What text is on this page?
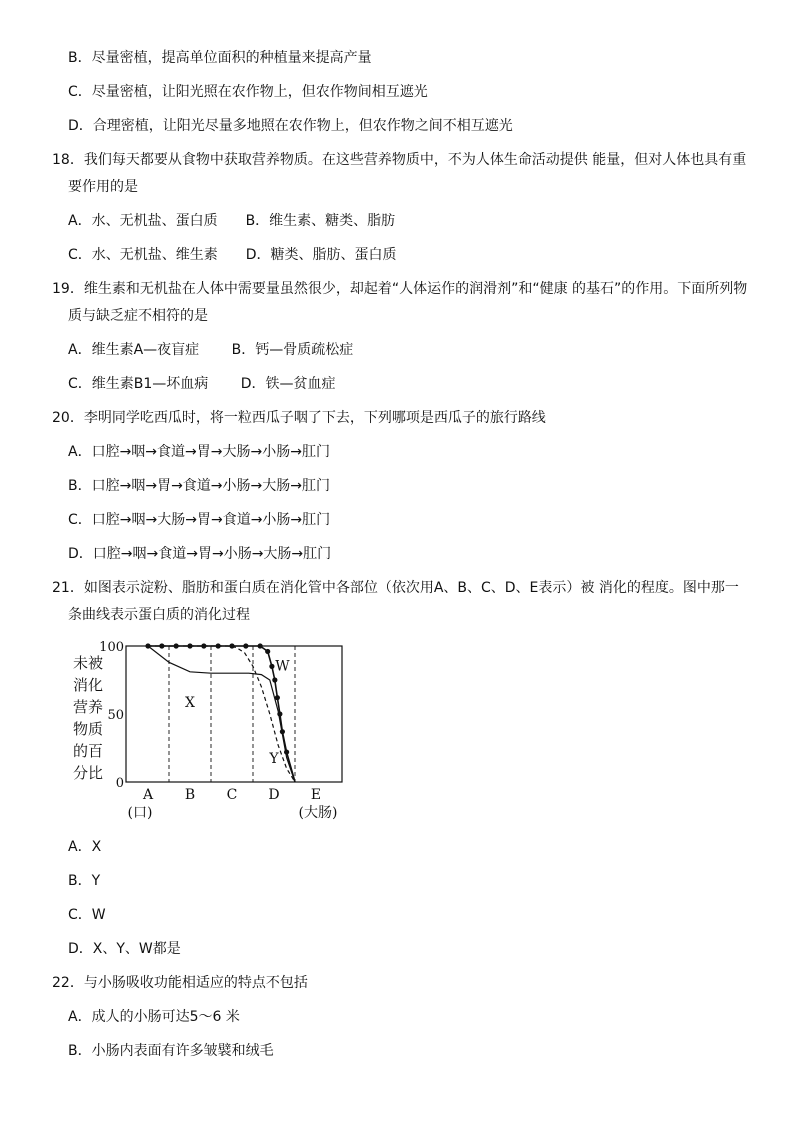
B．尽量密植，提高单位面积的种植量来提高产量
C．尽量密植，让阳光照在农作物上，但农作物间相互遮光
D．合理密植，让阳光尽量多地照在农作物上，但农作物之间不相互遮光
18．我们每天都要从食物中获取营养物质。在这些营养物质中，不为人体生命活动提供 能量，但对人体也具有重
要作用的是
A．水、无机盐、蛋白质　　B．维生素、糖类、脂肪
C．水、无机盐、维生素　　D．糖类、脂肪、蛋白质
19．维生素和无机盐在人体中需要量虽然很少，却起着“人体运作的润滑剂”和“健康 的基石”的作用。下面所列物
质与缺乏症不相符的是
A．维生素A—夜盲症　　 B．钙—骨质疏松症
C．维生素B1—坏血病　　 D．铁—贫血症
20．李明同学吃西瓜时，将一粒西瓜子咽了下去，下列哪项是西瓜子的旅行路线
A．口腔→咽→食道→胃→大肠→小肠→肛门
B．口腔→咽→胃→食道→小肠→大肠→肛门
C．口腔→咽→大肠→胃→食道→小肠→肛门
D．口腔→咽→食道→胃→小肠→大肠→肛门
21．如图表示淀粉、脂肪和蛋白质在消化管中各部位（依次用A、B、C、D、E表示）被 消化的程度。图中那一
条曲线表示蛋白质的消化过程
未被
消化
营养
物质
的百
分比
100
50
0
X
Y
W
A
(口)
B C D E
(大肠)
A．X
B．Y
C．W
D．X、Y、W都是
22．与小肠吸收功能相适应的特点不包括
A．成人的小肠可达5～6 米
B．小肠内表面有许多皱襞和绒毛
